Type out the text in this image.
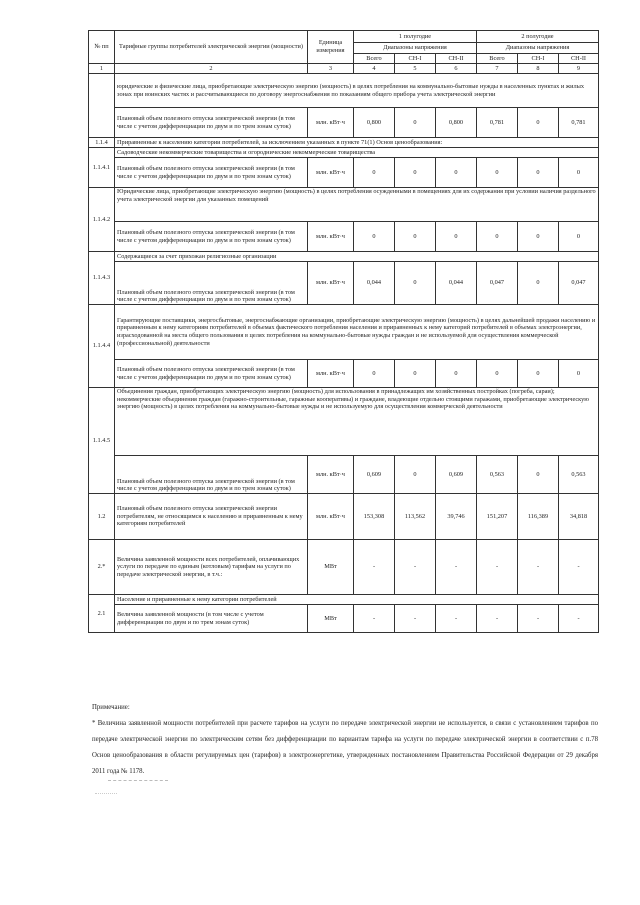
№ пп	Тарифные группы потребителей электрической энергии (мощности)	Единица измерения	1 полугодие			2 полугодие		
			Диапазоны напряжения			Диапазоны напряжения		
			Всего	СН-I	СН-II	Всего	СН-I	СН-II
1	2	3	4	5	6	7	8	9
	юридические и физические лица, приобретающие электрическую энергию (мощность) в целях потребления на коммунально-бытовые нужды в населенных пунктах и жилых зонах при воинских частях и рассчитывающиеся по договору энергоснабжения по показаниям общего прибора учета электрической энергии							
	Плановый объем полезного отпуска электрической энергии (в том числе с учетом дифференциации по двум и по трем зонам суток)	млн. кВт·ч	0,800	0	0,800	0,781	0	0,781
1.1.4	Приравненные к населению категории потребителей, за исключением указанных в пункте 71(1) Основ ценообразования:							
1.1.4.1	Садоводческие некоммерческие товарищества и огороднические некоммерческие товарищества							
	Плановый объем полезного отпуска электрической энергии (в том числе с учетом дифференциации по двум и по трем зонам суток)	млн. кВт·ч	0	0	0	0	0	0
1.1.4.2	Юридические лица, приобретающие электрическую энергию (мощность) в целях потребления осужденными в помещениях для их содержания при условии наличия раздельного учета электрической энергии для указанных помещений							
	Плановый объем полезного отпуска электрической энергии (в том числе с учетом дифференциации по двум и по трем зонам суток)	млн. кВт·ч	0	0	0	0	0	0
1.1.4.3	Содержащиеся за счет прихожан религиозные организации							
	Плановый объем полезного отпуска электрической энергии (в том числе с учетом дифференциации по двум и по трем зонам суток)	млн. кВт·ч	0,044	0	0,044	0,047	0	0,047
1.1.4.4	Гарантирующие поставщики, энергосбытовые, энергоснабжающие организации, приобретающие электрическую энергию (мощность) в целях дальнейшей продажи населению и приравненным к нему категориям потребителей в объемах фактического потребления населения и приравненных к нему категорий потребителей в объемах электроэнергии, израсходованной на места общего пользования в целях потребления на коммунально-бытовые нужды граждан и не используемой для осуществления коммерческой (профессиональной) деятельности							
	Плановый объем полезного отпуска электрической энергии (в том числе с учетом дифференциации по двум и по трем зонам суток)	млн. кВт·ч	0	0	0	0	0	0
1.1.4.5	Объединения граждан, приобретающих электрическую энергию (мощность) для использования в принадлежащих им хозяйственных постройках (погреба, сараи); некоммерческие объединения граждан (гаражно-строительные, гаражные кооперативы) и граждане, владеющие отдельно стоящими гаражами, приобретающие электрическую энергию (мощность) в целях потребления на коммунально-бытовые нужды и не используемую для осуществления коммерческой деятельности							
	Плановый объем полезного отпуска электрической энергии (в том числе с учетом дифференциации по двум и по трем зонам суток)	млн. кВт·ч	0,609	0	0,609	0,563	0	0,563
1.2	Плановый объем полезного отпуска электрической энергии потребителям, не относящимся к населению и приравненным к нему категориям потребителей	млн. кВт·ч	153,308	113,562	39,746	151,207	116,389	34,818
2.*	Величина заявленной мощности всех потребителей, оплачивающих услуги по передаче по единым (котловым) тарифам на услуги по передаче электрической энергии, в т.ч.:	МВт	-	-	-	-	-	-
2.1	Население и приравненные к нему категории потребителей							
	Величина заявленной мощности (в том числе с учетом дифференциации по двум и по трем зонам суток)	МВт	-	-	-	-	-	-

Примечание:

* Величина заявленной мощности потребителей при расчете тарифов на услуги по передаче электрической энергии не используется, в связи с установлением тарифов по передаче электрической энергии по электрическим сетям без дифференциации по вариантам тарифа на услуги по передаче электрической энергии в соответствии с п.78 Основ ценообразования в области регулируемых цен (тарифов) в электроэнергетике, утвержденных постановлением Правительства Российской Федерации от 29 декабря 2011 года № 1178.
